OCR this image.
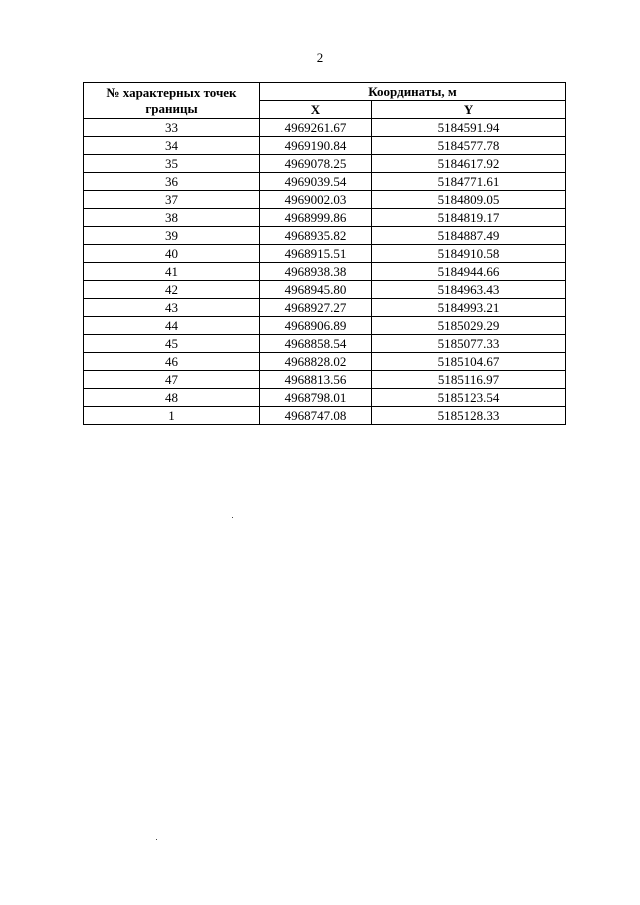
2
№ характерных точек границы	Координаты, м	
	X	Y
33	4969261.67	5184591.94
34	4969190.84	5184577.78
35	4969078.25	5184617.92
36	4969039.54	5184771.61
37	4969002.03	5184809.05
38	4968999.86	5184819.17
39	4968935.82	5184887.49
40	4968915.51	5184910.58
41	4968938.38	5184944.66
42	4968945.80	5184963.43
43	4968927.27	5184993.21
44	4968906.89	5185029.29
45	4968858.54	5185077.33
46	4968828.02	5185104.67
47	4968813.56	5185116.97
48	4968798.01	5185123.54
1	4968747.08	5185128.33
